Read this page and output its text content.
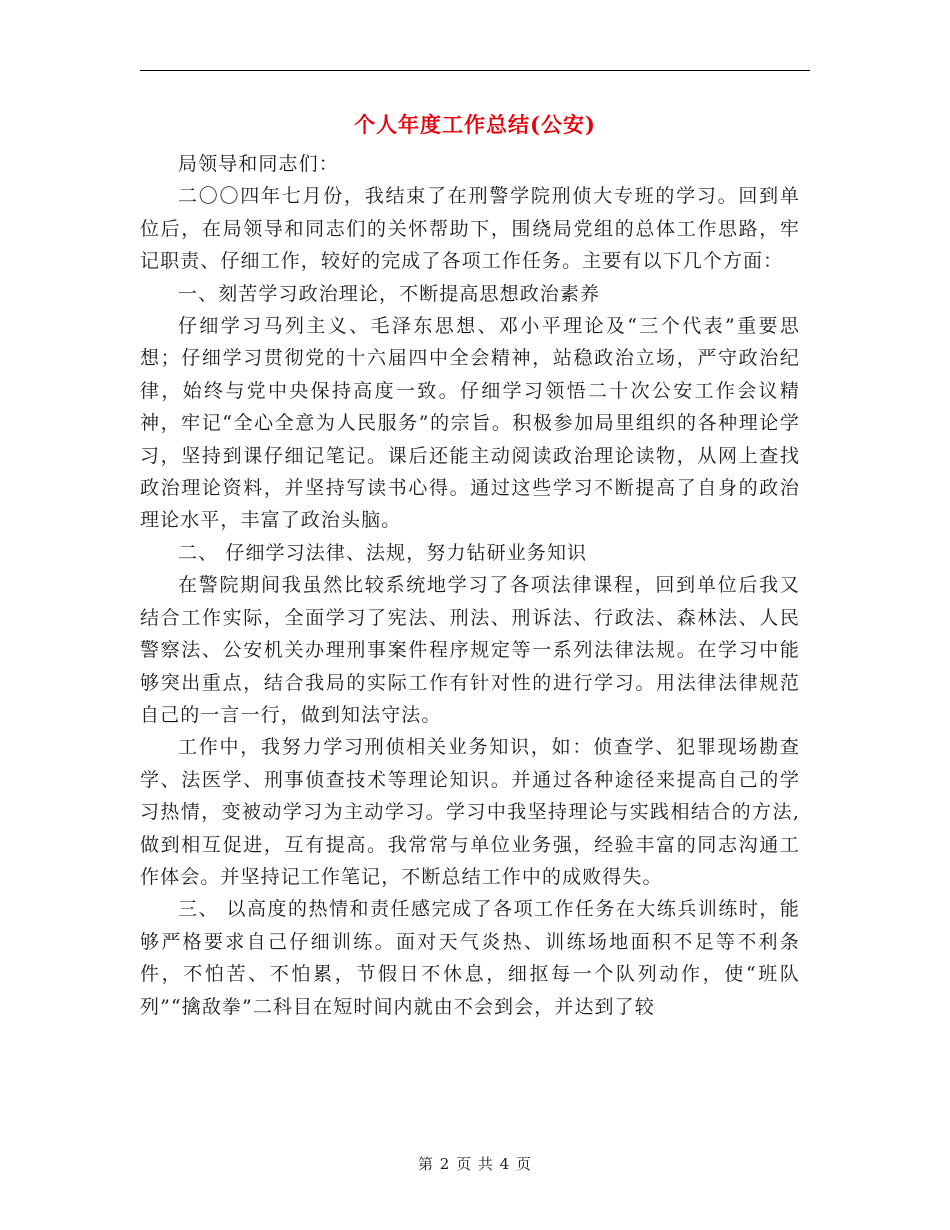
个人年度工作总结(公安)

局领导和同志们：

二〇〇四年七月份，我结束了在刑警学院刑侦大专班的学习。回到单位后，在局领导和同志们的关怀帮助下，围绕局党组的总体工作思路，牢记职责、仔细工作，较好的完成了各项工作任务。主要有以下几个方面：

一、刻苦学习政治理论，不断提高思想政治素养

仔细学习马列主义、毛泽东思想、邓小平理论及“三个代表”重要思想；仔细学习贯彻党的十六届四中全会精神，站稳政治立场，严守政治纪律，始终与党中央保持高度一致。仔细学习领悟二十次公安工作会议精神，牢记“全心全意为人民服务”的宗旨。积极参加局里组织的各种理论学习，坚持到课仔细记笔记。课后还能主动阅读政治理论读物，从网上查找政治理论资料，并坚持写读书心得。通过这些学习不断提高了自身的政治理论水平，丰富了政治头脑。

二、 仔细学习法律、法规，努力钻研业务知识

在警院期间我虽然比较系统地学习了各项法律课程，回到单位后我又结合工作实际，全面学习了宪法、刑法、刑诉法、行政法、森林法、人民警察法、公安机关办理刑事案件程序规定等一系列法律法规。在学习中能够突出重点，结合我局的实际工作有针对性的进行学习。用法律法律规范自己的一言一行，做到知法守法。

工作中，我努力学习刑侦相关业务知识，如：侦查学、犯罪现场勘查学、法医学、刑事侦查技术等理论知识。并通过各种途径来提高自己的学习热情，变被动学习为主动学习。学习中我坚持理论与实践相结合的方法,做到相互促进，互有提高。我常常与单位业务强，经验丰富的同志沟通工作体会。并坚持记工作笔记，不断总结工作中的成败得失。

三、 以高度的热情和责任感完成了各项工作任务在大练兵训练时，能够严格要求自己仔细训练。面对天气炎热、训练场地面积不足等不利条件，不怕苦、不怕累，节假日不休息，细抠每一个队列动作，使“班队列”“擒敌拳”二科目在短时间内就由不会到会，并达到了较

第 2 页 共 4 页
